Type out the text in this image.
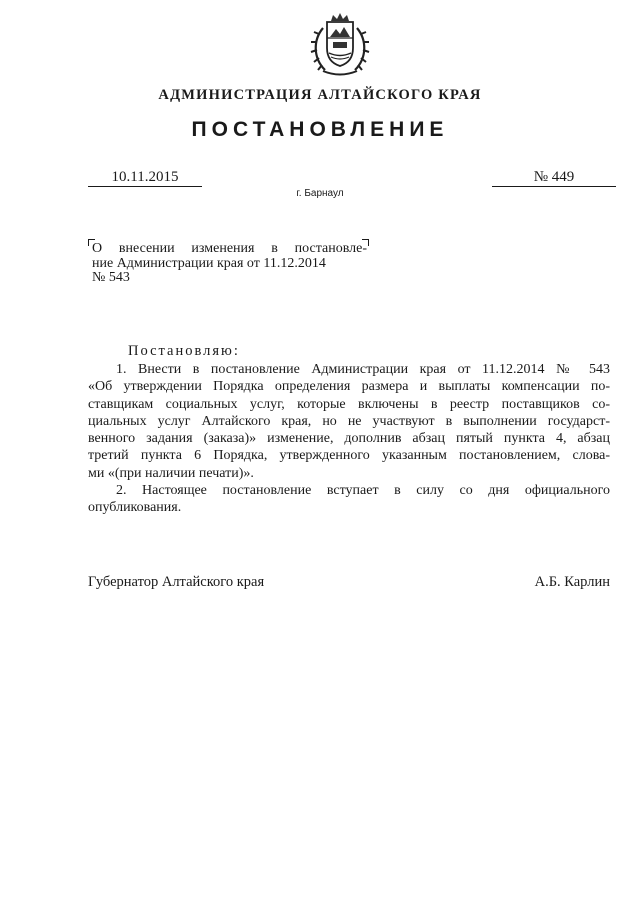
АДМИНИСТРАЦИЯ АЛТАЙСКОГО КРАЯ
ПОСТАНОВЛЕНИЕ
10.11.2015	№ 449
г. Барнаул
О внесении изменения в постановле-
ние Администрации края от 11.12.2014
№ 543
Постановляю:
1. Внести в постановление Администрации края от 11.12.2014 № 543
«Об утверждении Порядка определения размера и выплаты компенсации по-
ставщикам социальных услуг, которые включены в реестр поставщиков со-
циальных услуг Алтайского края, но не участвуют в выполнении государст-
венного задания (заказа)» изменение, дополнив абзац пятый пункта 4, абзац
третий пункта 6 Порядка, утвержденного указанным постановлением, слова-
ми «(при наличии печати)».
2. Настоящее постановление вступает в силу со дня официального
опубликования.
Губернатор Алтайского края	А.Б. Карлин
